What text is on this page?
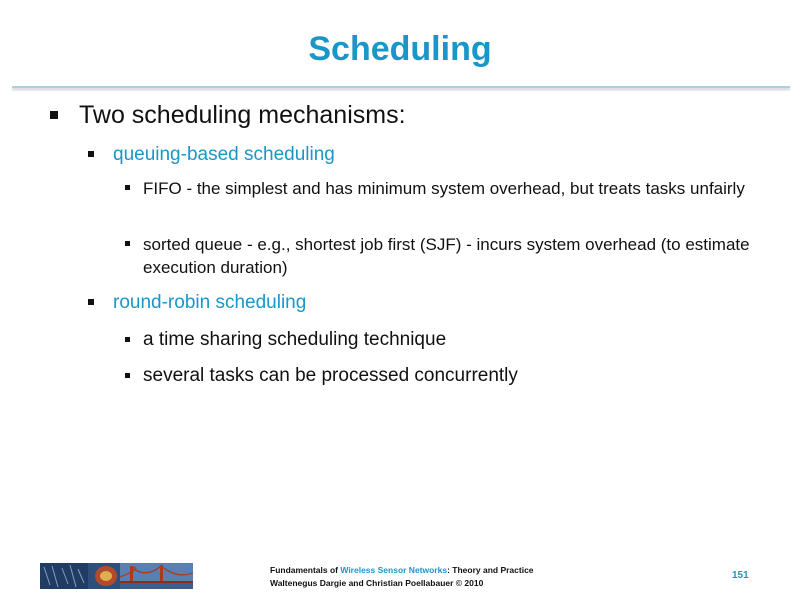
Scheduling
Two scheduling mechanisms:
queuing-based scheduling
FIFO - the simplest and has minimum system overhead, but treats tasks unfairly
sorted queue - e.g., shortest job first (SJF) - incurs system overhead (to estimate execution duration)
round-robin scheduling
a time sharing scheduling technique
several tasks can be processed concurrently
Fundamentals of Wireless Sensor Networks: Theory and Practice
Waltenegus Dargie and Christian Poellabauer © 2010
151
